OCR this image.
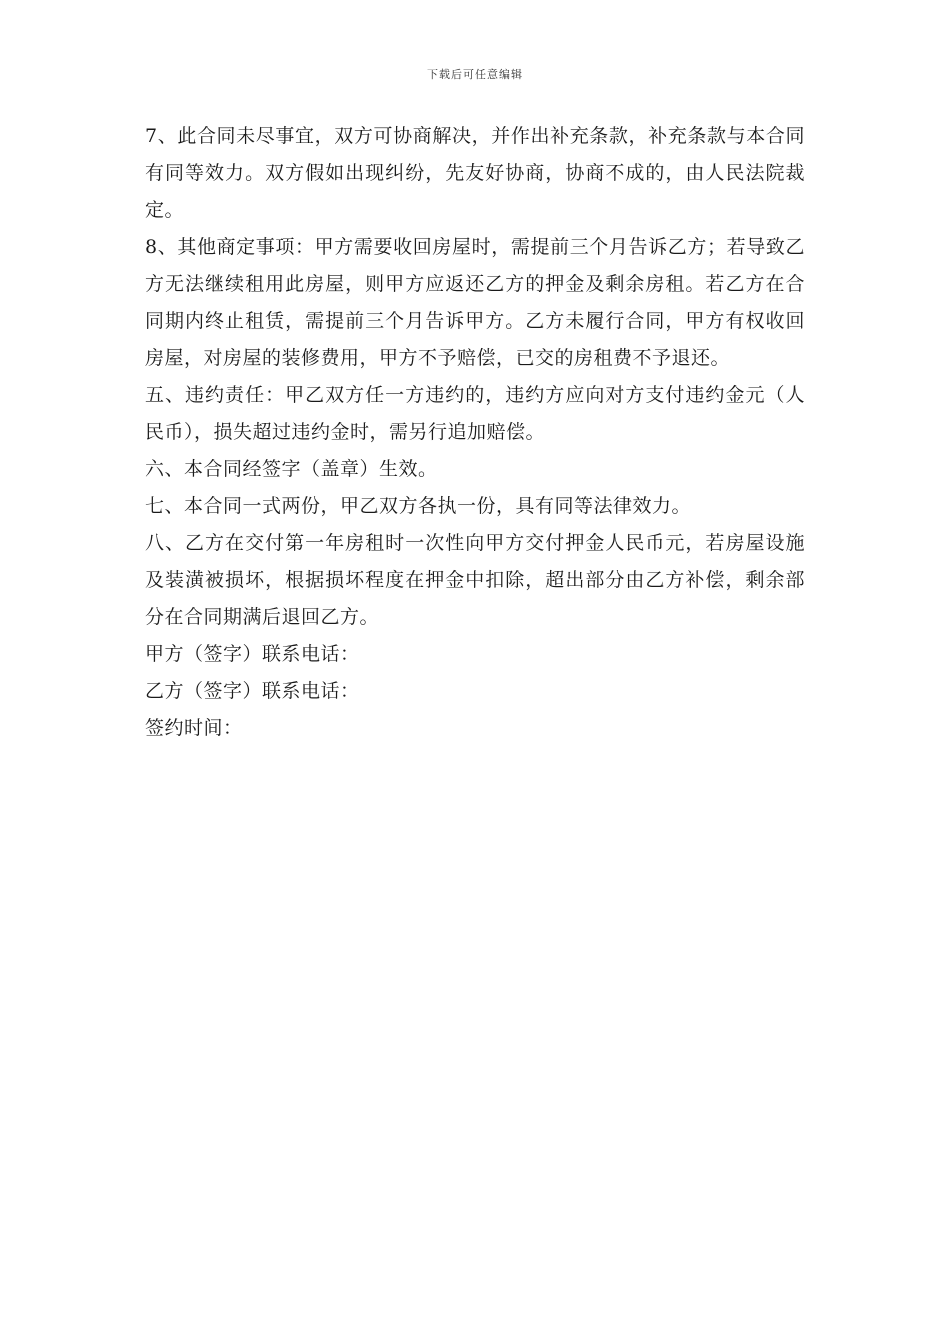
下载后可任意编辑

7、此合同未尽事宜，双方可协商解决，并作出补充条款，补充条款与本合同有同等效力。双方假如出现纠纷，先友好协商，协商不成的，由人民法院裁定。

8、其他商定事项：甲方需要收回房屋时，需提前三个月告诉乙方；若导致乙方无法继续租用此房屋，则甲方应返还乙方的押金及剩余房租。若乙方在合同期内终止租赁，需提前三个月告诉甲方。乙方未履行合同，甲方有权收回房屋，对房屋的装修费用，甲方不予赔偿，已交的房租费不予退还。

五、违约责任：甲乙双方任一方违约的，违约方应向对方支付违约金元（人民币），损失超过违约金时，需另行追加赔偿。

六、本合同经签字（盖章）生效。

七、本合同一式两份，甲乙双方各执一份，具有同等法律效力。

八、乙方在交付第一年房租时一次性向甲方交付押金人民币元，若房屋设施及装潢被损坏，根据损坏程度在押金中扣除，超出部分由乙方补偿，剩余部分在合同期满后退回乙方。

甲方（签字）联系电话：

乙方（签字）联系电话：

签约时间：
